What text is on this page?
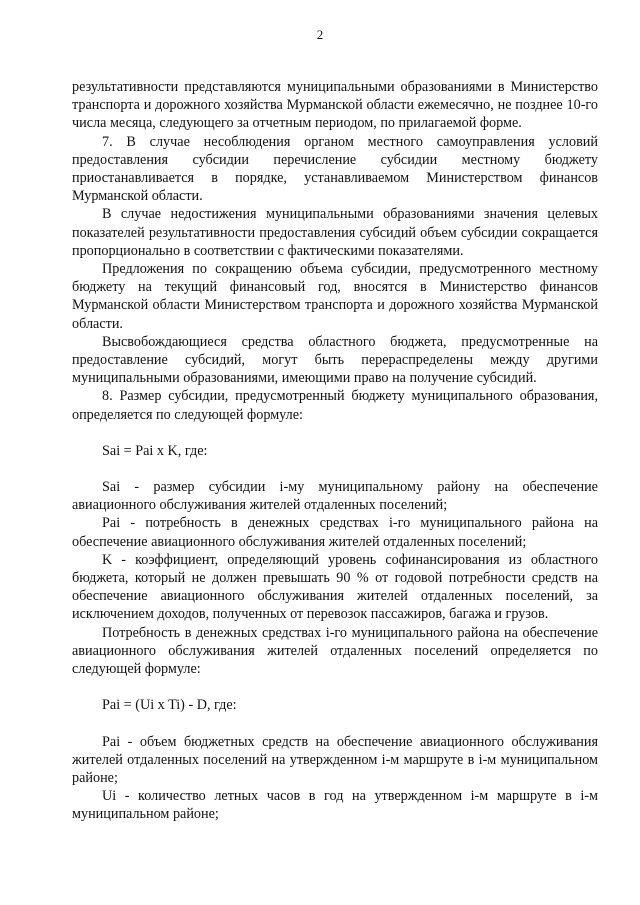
2

результативности представляются муниципальными образованиями в Министерство транспорта и дорожного хозяйства Мурманской области ежемесячно, не позднее 10-го числа месяца, следующего за отчетным периодом, по прилагаемой форме.

7. В случае несоблюдения органом местного самоуправления условий предоставления субсидии перечисление субсидии местному бюджету приостанавливается в порядке, устанавливаемом Министерством финансов Мурманской области.

В случае недостижения муниципальными образованиями значения целевых показателей результативности предоставления субсидий объем субсидии сокращается пропорционально в соответствии с фактическими показателями.

Предложения по сокращению объема субсидии, предусмотренного местному бюджету на текущий финансовый год, вносятся в Министерство финансов Мурманской области Министерством транспорта и дорожного хозяйства Мурманской области.

Высвобождающиеся средства областного бюджета, предусмотренные на предоставление субсидий, могут быть перераспределены между другими муниципальными образованиями, имеющими право на получение субсидий.

8. Размер субсидии, предусмотренный бюджету муниципального образования, определяется по следующей формуле:

Sai = Pai x K, где:

Sai - размер субсидии i-му муниципальному району на обеспечение авиационного обслуживания жителей отдаленных поселений;

Pai - потребность в денежных средствах i-го муниципального района на обеспечение авиационного обслуживания жителей отдаленных поселений;

K - коэффициент, определяющий уровень софинансирования из областного бюджета, который не должен превышать 90 % от годовой потребности средств на обеспечение авиационного обслуживания жителей отдаленных поселений, за исключением доходов, полученных от перевозок пассажиров, багажа и грузов.

Потребность в денежных средствах i-го муниципального района на обеспечение авиационного обслуживания жителей отдаленных поселений определяется по следующей формуле:

Pai = (Ui x Ti) - D, где:

Pai - объем бюджетных средств на обеспечение авиационного обслуживания жителей отдаленных поселений на утвержденном i-м маршруте в i-м муниципальном районе;

Ui - количество летных часов в год на утвержденном i-м маршруте в i-м муниципальном районе;
